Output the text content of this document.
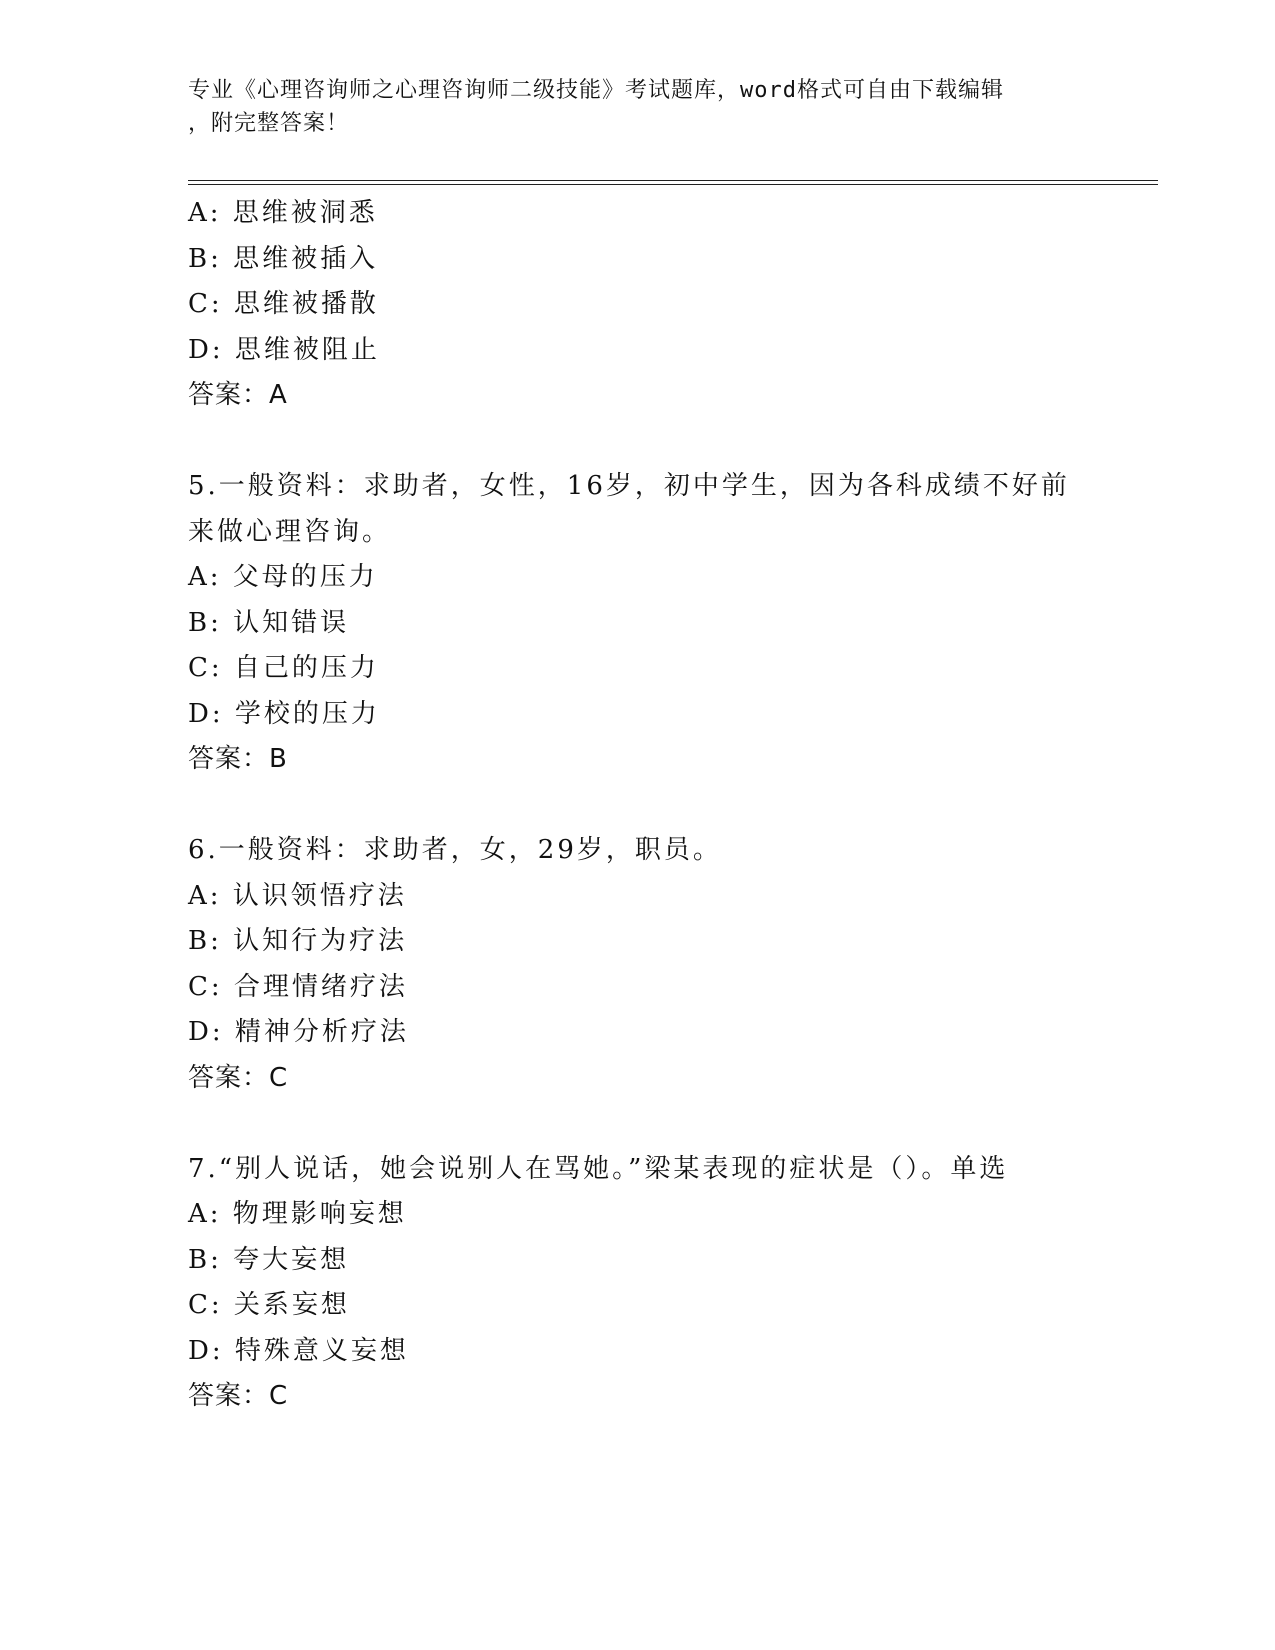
专业《心理咨询师之心理咨询师二级技能》考试题库，word格式可自由下载编辑
，附完整答案！
A: 思维被洞悉
B: 思维被插入
C: 思维被播散
D: 思维被阻止
答案：A
5.一般资料：求助者，女性，16岁，初中学生，因为各科成绩不好前
来做心理咨询。
A: 父母的压力
B: 认知错误
C: 自己的压力
D: 学校的压力
答案：B
6.一般资料：求助者，女，29岁，职员。
A: 认识领悟疗法
B: 认知行为疗法
C: 合理情绪疗法
D: 精神分析疗法
答案：C
7.“别人说话，她会说别人在骂她。”梁某表现的症状是（）。单选
A: 物理影响妄想
B: 夸大妄想
C: 关系妄想
D: 特殊意义妄想
答案：C
